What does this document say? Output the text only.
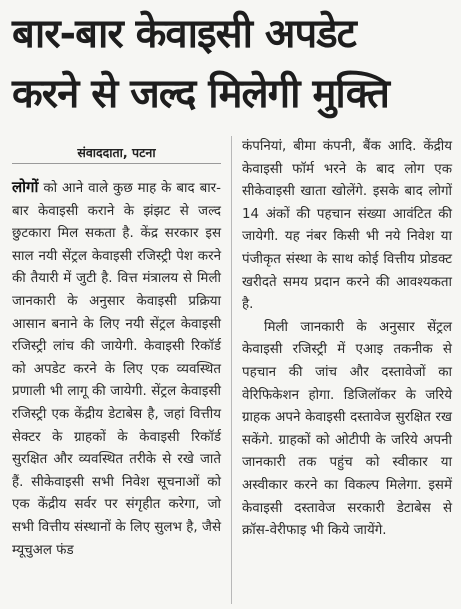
बार-बार केवाइसी अपडेट
करने से जल्द मिलेगी मुक्ति
संवाददाता, पटना

लोगों को आने वाले कुछ माह के बाद बार-बार केवाइसी कराने के झंझट से जल्द छुटकारा मिल सकता है. केंद्र सरकार इस साल नयी सेंट्रल केवाइसी रजिस्ट्री पेश करने की तैयारी में जुटी है. वित्त मंत्रालय से मिली जानकारी के अनुसार केवाइसी प्रक्रिया आसान बनाने के लिए नयी सेंट्रल केवाइसी रजिस्ट्री लांच की जायेगी. केवाइसी रिकॉर्ड को अपडेट करने के लिए एक व्यवस्थित प्रणाली भी लागू की जायेगी. सेंट्रल केवाइसी रजिस्ट्री एक केंद्रीय डेटाबेस है, जहां वित्तीय सेक्टर के ग्राहकों के केवाइसी रिकॉर्ड सुरक्षित और व्यवस्थित तरीके से रखे जाते हैं. सीकेवाइसी सभी निवेश सूचनाओं को एक केंद्रीय सर्वर पर संगृहीत करेगा, जो सभी वित्तीय संस्थानों के लिए सुलभ है, जैसे म्यूचुअल फंड

कंपनियां, बीमा कंपनी, बैंक आदि. केंद्रीय केवाइसी फॉर्म भरने के बाद लोग एक सीकेवाइसी खाता खोलेंगे. इसके बाद लोगों 14 अंकों की पहचान संख्या आवंटित की जायेगी. यह नंबर किसी भी नये निवेश या पंजीकृत संस्था के साथ कोई वित्तीय प्रोडक्ट खरीदते समय प्रदान करने की आवश्यकता है.

मिली जानकारी के अनुसार सेंट्रल केवाइसी रजिस्ट्री में एआइ तकनीक से पहचान की जांच और दस्तावेजों का वेरिफिकेशन होगा. डिजिलॉकर के जरिये ग्राहक अपने केवाइसी दस्तावेज सुरक्षित रख सकेंगे. ग्राहकों को ओटीपी के जरिये अपनी जानकारी तक पहुंच को स्वीकार या अस्वीकार करने का विकल्प मिलेगा. इसमें केवाइसी दस्तावेज सरकारी डेटाबेस से क्रॉस-वेरीफाइ भी किये जायेंगे.
